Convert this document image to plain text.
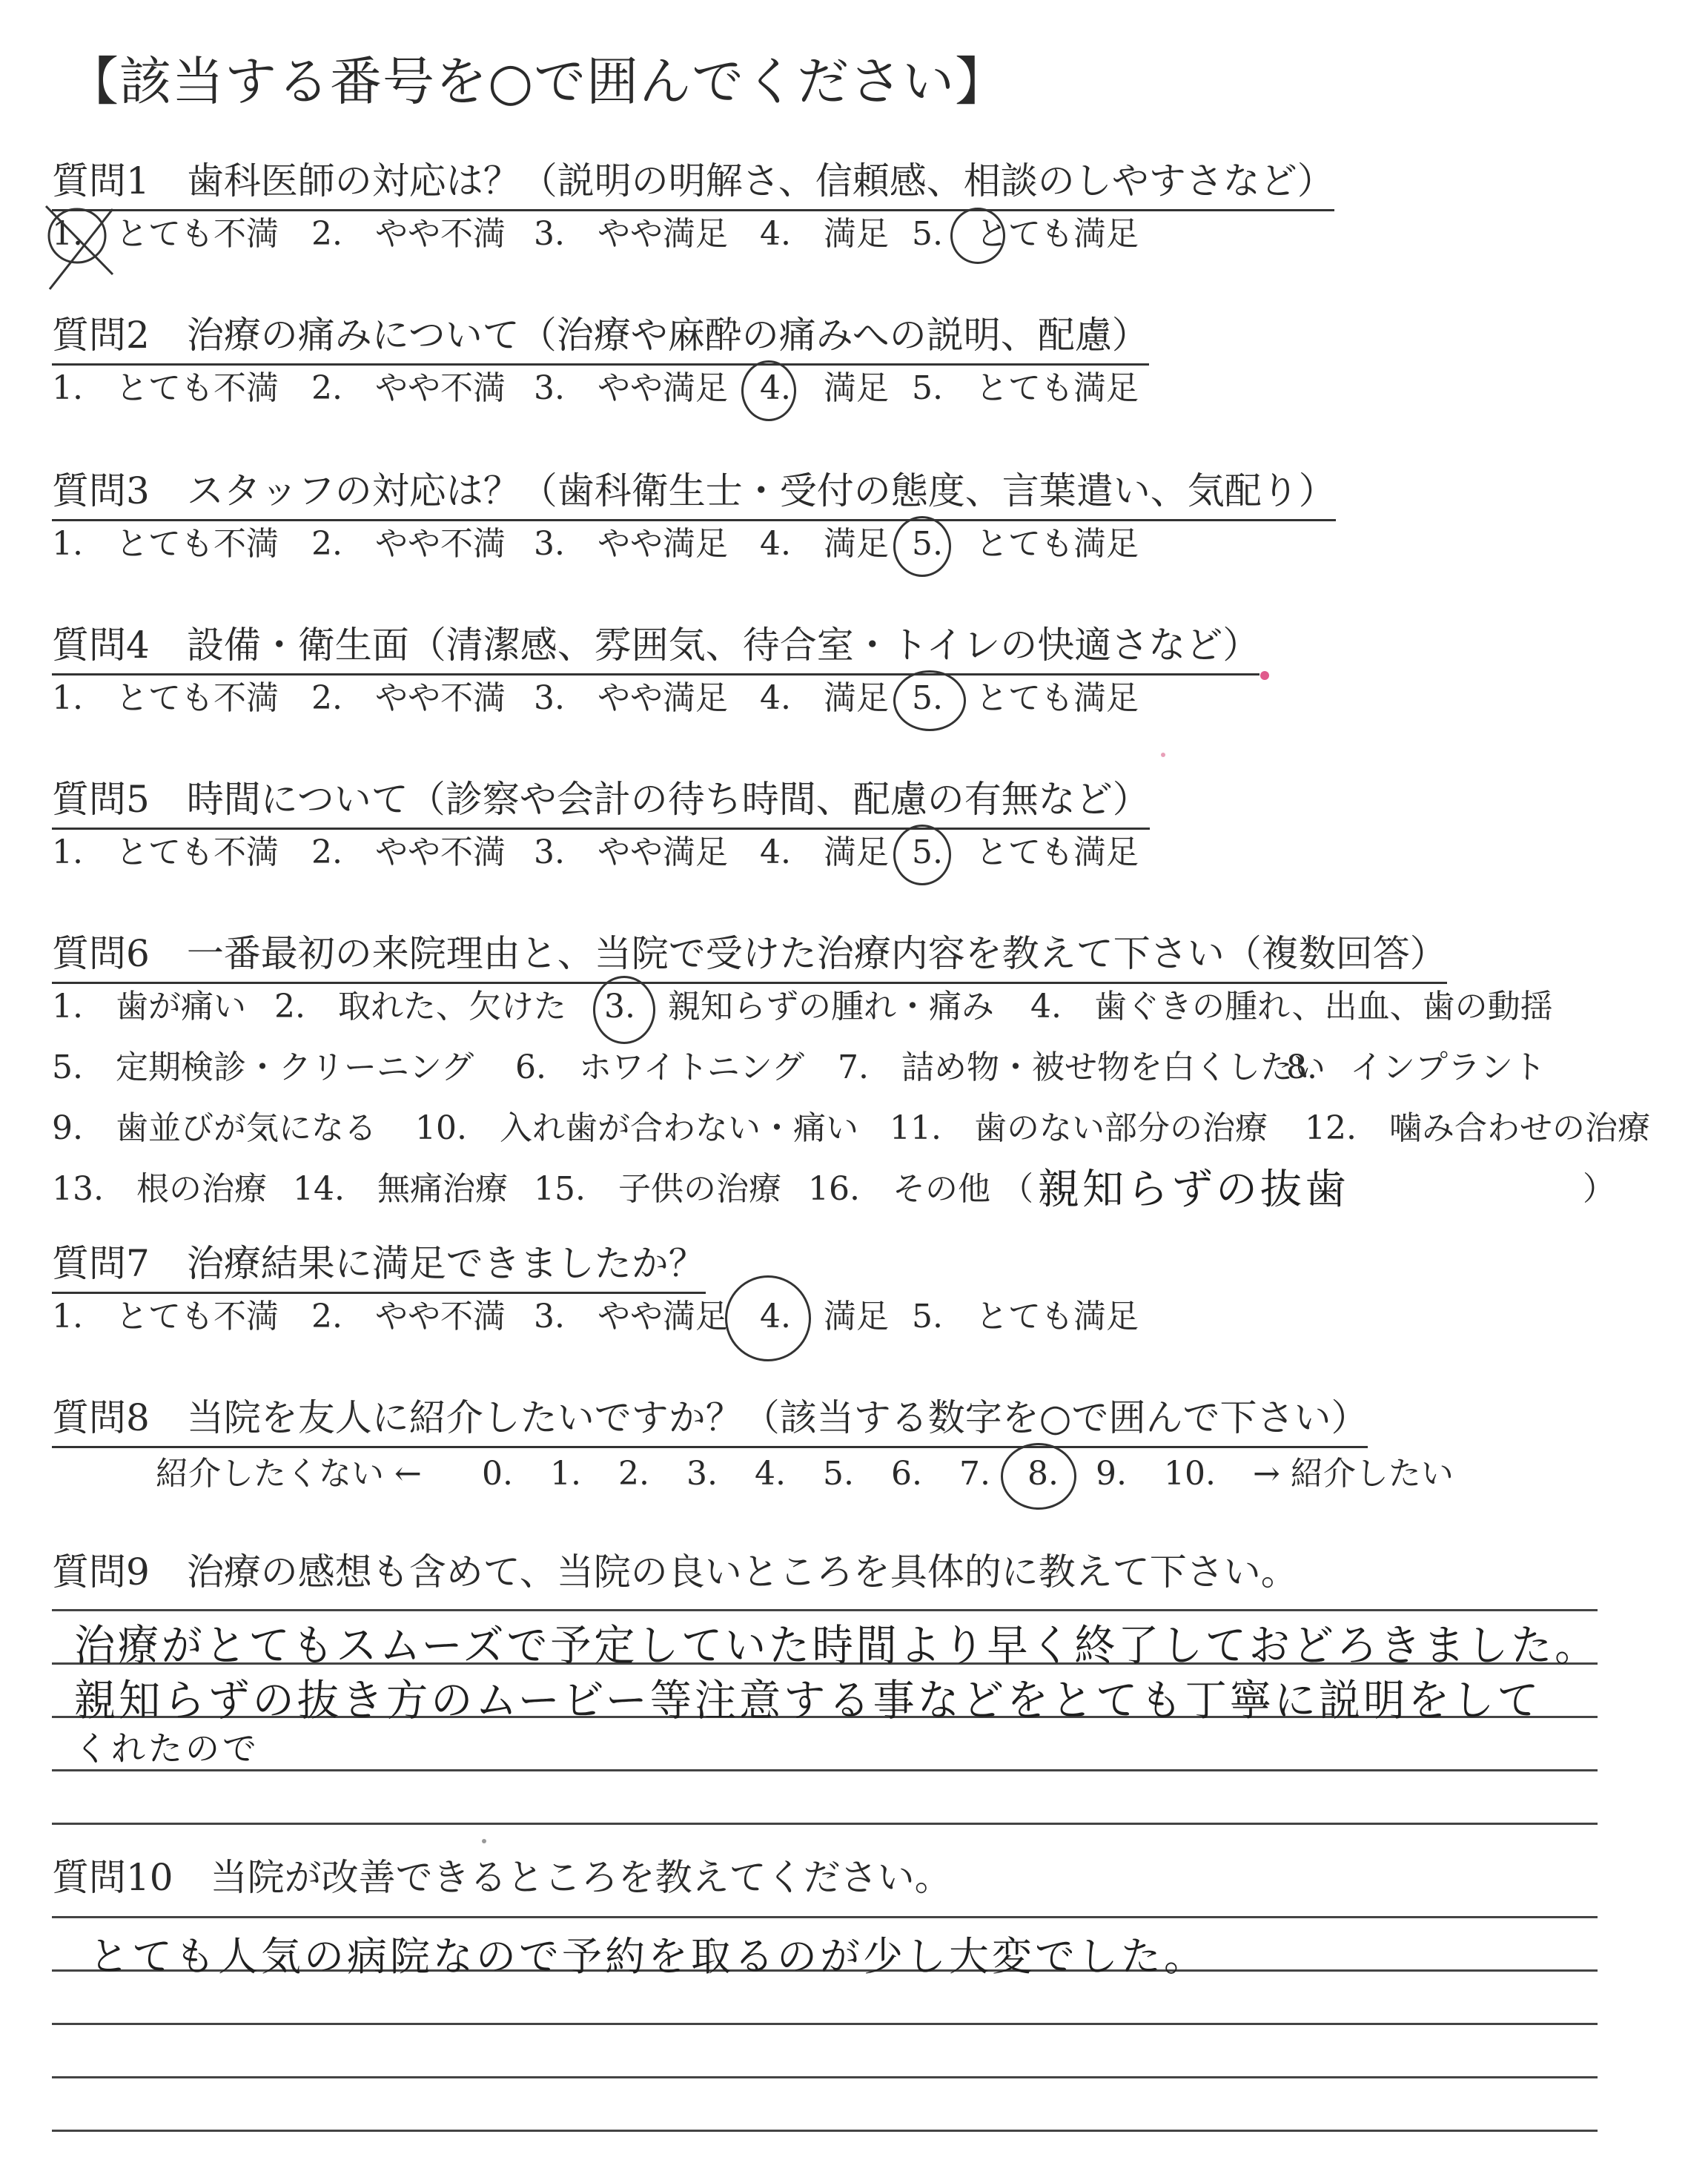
【該当する番号を○で囲んでください】
質問1 歯科医師の対応は？（説明の明解さ、信頼感、相談のしやすさなど）
1.　とても不満 2.　やや不満 3.　やや満足 4.　満足 5.　とても満足
質問2 治療の痛みについて（治療や麻酔の痛みへの説明、配慮）
1.　とても不満 2.　やや不満 3.　やや満足 4.　満足 5.　とても満足
質問3 スタッフの対応は？（歯科衛生士・受付の態度、言葉遣い、気配り）
1.　とても不満 2.　やや不満 3.　やや満足 4.　満足 5.　とても満足
質問4 設備・衛生面（清潔感、雰囲気、待合室・トイレの快適さなど）
1.　とても不満 2.　やや不満 3.　やや満足 4.　満足 5.　とても満足
質問5 時間について（診察や会計の待ち時間、配慮の有無など）
1.　とても不満 2.　やや不満 3.　やや満足 4.　満足 5.　とても満足
質問6 一番最初の来院理由と、当院で受けた治療内容を教えて下さい（複数回答）
1.　歯が痛い 2.　取れた、欠けた 3.　親知らずの腫れ・痛み 4.　歯ぐきの腫れ、出血、歯の動揺
5.　定期検診・クリーニング 6.　ホワイトニング 7.　詰め物・被せ物を白くしたい
8.　インプラント
9.　歯並びが気になる 10.　入れ歯が合わない・痛い 11.　歯のない部分の治療 12.　噛み合わせの治療
13.　根の治療 14.　無痛治療 15.　子供の治療 16.　その他 （	）
親知らずの抜歯
質問7 治療結果に満足できましたか？
1.　とても不満 2.　やや不満 3.　やや満足 4.　満足 5.　とても満足
質問8 当院を友人に紹介したいですか？（該当する数字を○で囲んで下さい）
紹介したくない ← 0. 1. 2. 3. 4. 5. 6. 7. 8. 9. 10. → 紹介したい
質問9 治療の感想も含めて、当院の良いところを具体的に教えて下さい。
治療がとてもスムーズで予定していた時間より早く終了しておどろきました。
親知らずの抜き方のムービー等注意する事などをとても丁寧に説明をして
くれたので
質問10 当院が改善できるところを教えてください。
とても人気の病院なので予約を取るのが少し大変でした。
